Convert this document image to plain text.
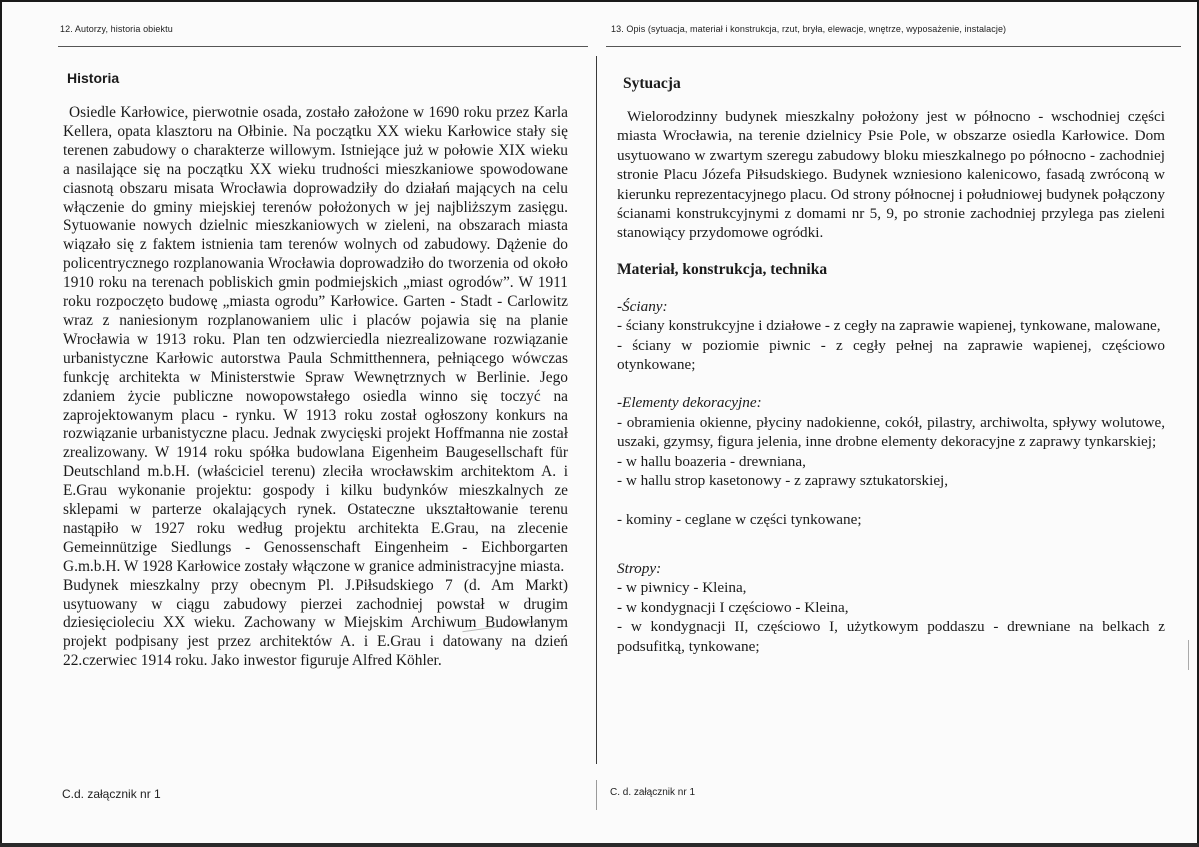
12. Autorzy, historia obiektu	13. Opis (sytuacja, materiał i konstrukcja, rzut, bryła, elewacje, wnętrze, wyposażenie, instalacje)
Historia

Osiedle Karłowice, pierwotnie osada, zostało założone w 1690 roku przez Karla Kellera, opata klasztoru na Ołbinie. Na początku XX wieku Karłowice stały się terenen zabudowy o charakterze willowym. Istniejące już w połowie XIX wieku a nasilające się na początku XX wieku trudności mieszkaniowe spowodowane ciasnotą obszaru misata Wrocławia doprowadziły do działań mających na celu włączenie do gminy miejskiej terenów położonych w jej najbliższym zasięgu. Sytuowanie nowych dzielnic mieszkaniowych w zieleni, na obszarach miasta wiązało się z faktem istnienia tam terenów wolnych od zabudowy. Dążenie do policentrycznego rozplanowania Wrocławia doprowadziło do tworzenia od około 1910 roku na terenach pobliskich gmin podmiejskich „miast ogrodów”. W 1911 roku rozpoczęto budowę „miasta ogrodu” Karłowice. Garten - Stadt - Carlowitz wraz z naniesionym rozplanowaniem ulic i placów pojawia się na planie Wrocławia w 1913 roku. Plan ten odzwierciedla niezrealizowane rozwiązanie urbanistyczne Karłowic autorstwa Paula Schmitthennera, pełniącego wówczas funkcję architekta w Ministerstwie Spraw Wewnętrznych w Berlinie. Jego zdaniem życie publiczne nowopowstałego osiedla winno się toczyć na zaprojektowanym placu - rynku. W 1913 roku został ogłoszony konkurs na rozwiązanie urbanistyczne placu. Jednak zwycięski projekt Hoffmanna nie został zrealizowany. W 1914 roku spółka budowlana Eigenheim Baugesellschaft für Deutschland m.b.H. (właściciel terenu) zleciła wrocławskim architektom A. i E.Grau wykonanie projektu: gospody i kilku budynków mieszkalnych ze sklepami w parterze okalających rynek. Ostateczne ukształtowanie terenu nastąpiło w 1927 roku według projektu architekta E.Grau, na zlecenie Gemeinnützige Siedlungs - Genossenschaft Eingenheim - Eichborgarten G.m.b.H. W 1928 Karłowice zostały włączone w granice administracyjne miasta.

Budynek mieszkalny przy obecnym Pl. J.Piłsudskiego 7 (d. Am Markt) usytuowany w ciągu zabudowy pierzei zachodniej powstał w drugim dziesięcioleciu XX wieku. Zachowany w Miejskim Archiwum Budowlanym projekt podpisany jest przez architektów A. i E.Grau i datowany na dzień 22.czerwiec 1914 roku. Jako inwestor figuruje Alfred Köhler.

Sytuacja

Wielorodzinny budynek mieszkalny położony jest w północno - wschodniej części miasta Wrocławia, na terenie dzielnicy Psie Pole, w obszarze osiedla Karłowice. Dom usytuowano w zwartym szeregu zabudowy bloku mieszkalnego po północno - zachodniej stronie Placu Józefa Piłsudskiego. Budynek wzniesiono kalenicowo, fasadą zwróconą w kierunku reprezentacyjnego placu. Od strony północnej i południowej budynek połączony ścianami konstrukcyjnymi z domami nr 5, 9, po stronie zachodniej przylega pas zieleni stanowiący przydomowe ogródki.

Materiał, konstrukcja, technika

-Ściany:

- ściany konstrukcyjne i działowe - z cegły na zaprawie wapienej, tynkowane, malowane,

- ściany w poziomie piwnic - z cegły pełnej na zaprawie wapienej, częściowo otynkowane;

-Elementy dekoracyjne:

- obramienia okienne, płyciny nadokienne, cokół, pilastry, archiwolta, spływy wolutowe, uszaki, gzymsy, figura jelenia, inne drobne elementy dekoracyjne z zaprawy tynkarskiej;

- w hallu boazeria - drewniana,

- w hallu strop kasetonowy - z zaprawy sztukatorskiej,

- kominy - ceglane w części tynkowane;

Stropy:

- w piwnicy - Kleina,

- w kondygnacji I częściowo - Kleina,

- w kondygnacji II, częściowo I, użytkowym poddaszu - drewniane na belkach z podsufitką, tynkowane;

C.d. załącznik nr 1	C. d. załącznik nr 1
